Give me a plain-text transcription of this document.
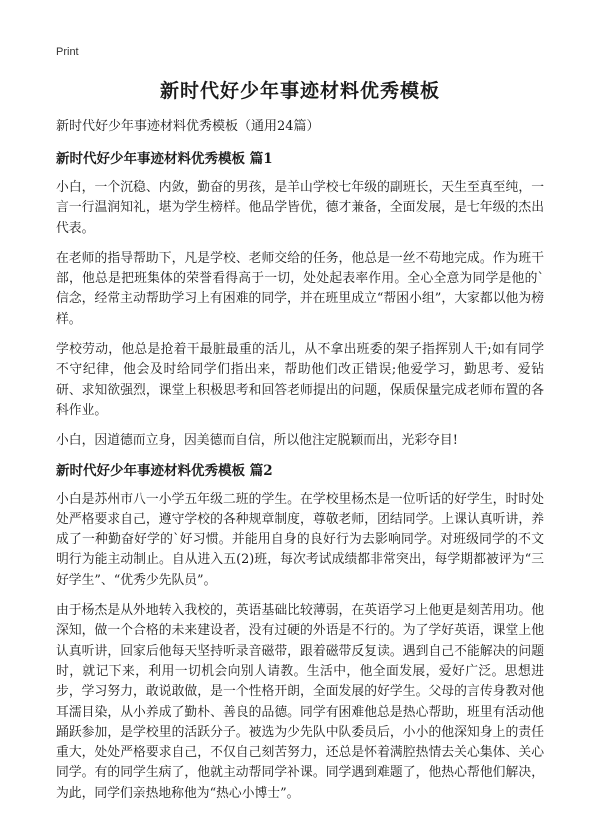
Print
新时代好少年事迹材料优秀模板

新时代好少年事迹材料优秀模板（通用24篇）

新时代好少年事迹材料优秀模板 篇1

小白，一个沉稳、内敛，勤奋的男孩，是羊山学校七年级的副班长，天生至真至纯，一言一行温润知礼，堪为学生榜样。他品学皆优，德才兼备，全面发展，是七年级的杰出代表。

在老师的指导帮助下，凡是学校、老师交给的任务，他总是一丝不苟地完成。作为班干部，他总是把班集体的荣誉看得高于一切，处处起表率作用。全心全意为同学是他的`信念，经常主动帮助学习上有困难的同学，并在班里成立“帮困小组”，大家都以他为榜样。

学校劳动，他总是抢着干最脏最重的活儿，从不拿出班委的架子指挥别人干;如有同学不守纪律，他会及时给同学们指出来，帮助他们改正错误;他爱学习，勤思考、爱钻研、求知欲强烈，课堂上积极思考和回答老师提出的问题，保质保量完成老师布置的各科作业。

小白，因道德而立身，因美德而自信，所以他注定脱颖而出，光彩夺目!

新时代好少年事迹材料优秀模板 篇2

小白是苏州市八一小学五年级二班的学生。在学校里杨杰是一位听话的好学生，时时处处严格要求自己，遵守学校的各种规章制度，尊敬老师，团结同学。上课认真听讲，养成了一种勤奋好学的`好习惯。并能用自身的良好行为去影响同学。对班级同学的不文明行为能主动制止。自从进入五(2)班，每次考试成绩都非常突出，每学期都被评为“三好学生”、“优秀少先队员”。

由于杨杰是从外地转入我校的，英语基础比较薄弱，在英语学习上他更是刻苦用功。他深知，做一个合格的未来建设者，没有过硬的外语是不行的。为了学好英语，课堂上他认真听讲，回家后他每天坚持听录音磁带，跟着磁带反复读。遇到自己不能解决的问题时，就记下来，利用一切机会向别人请教。生活中，他全面发展，爱好广泛。思想进步，学习努力，敢说敢做，是一个性格开朗，全面发展的好学生。父母的言传身教对他耳濡目染，从小养成了勤朴、善良的品德。同学有困难他总是热心帮助，班里有活动他踊跃参加，是学校里的活跃分子。被选为少先队中队委员后，小小的他深知身上的责任重大，处处严格要求自己，不仅自己刻苦努力，还总是怀着满腔热情去关心集体、关心同学。有的同学生病了，他就主动帮同学补课。同学遇到难题了，他热心帮他们解决，为此，同学们亲热地称他为“热心小博士”。
